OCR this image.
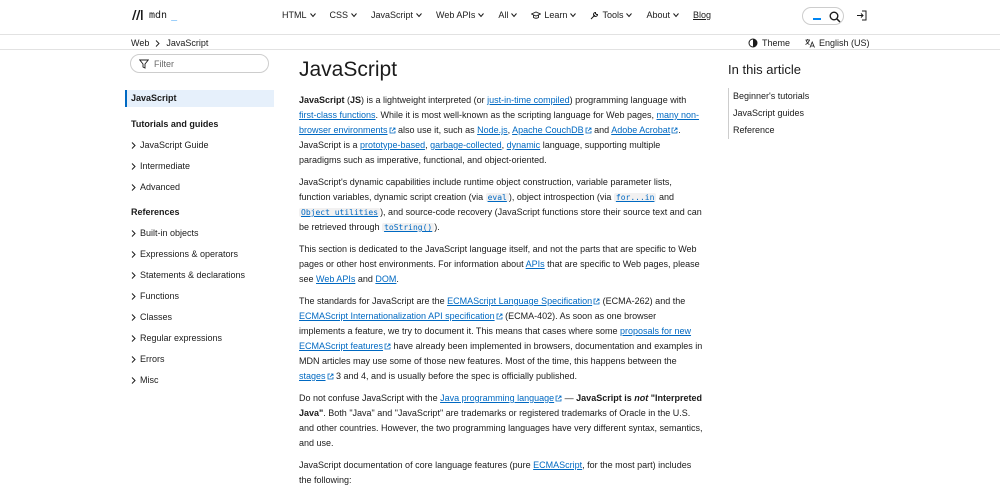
mdn _	HTML	CSS	JavaScript	Web APIs	All	Learn	Tools	About	Blog
Web JavaScript	Theme	English (US)
Filter
JavaScript
Tutorials and guides
JavaScript Guide
Intermediate
Advanced
References
Built-in objects
Expressions & operators
Statements & declarations
Functions
Classes
Regular expressions
Errors
Misc
JavaScript

JavaScript (JS) is a lightweight interpreted (or just-in-time compiled) programming language with first-class functions. While it is most well-known as the scripting language for Web pages, many non-browser environments also use it, such as Node.js, Apache CouchDB and Adobe Acrobat . JavaScript is a prototype-based, garbage-collected, dynamic language, supporting multiple paradigms such as imperative, functional, and object-oriented.

JavaScript's dynamic capabilities include runtime object construction, variable parameter lists, function variables, dynamic script creation (via eval ), object introspection (via for...in and Object utilities ), and source-code recovery (JavaScript functions store their source text and can be retrieved through toString() ).

This section is dedicated to the JavaScript language itself, and not the parts that are specific to Web pages or other host environments. For information about APIs that are specific to Web pages, please see Web APIs and DOM.

The standards for JavaScript are the ECMAScript Language Specification (ECMA-262) and the ECMAScript Internationalization API specification (ECMA-402). As soon as one browser implements a feature, we try to document it. This means that cases where some proposals for new ECMAScript features have already been implemented in browsers, documentation and examples in MDN articles may use some of those new features. Most of the time, this happens between the stages 3 and 4, and is usually before the spec is officially published.

Do not confuse JavaScript with the Java programming language — JavaScript is not "Interpreted Java". Both "Java" and "JavaScript" are trademarks or registered trademarks of Oracle in the U.S. and other countries. However, the two programming languages have very different syntax, semantics, and use.

JavaScript documentation of core language features (pure ECMAScript, for the most part) includes the following:

In this article
Beginner's tutorials
JavaScript guides
Reference
